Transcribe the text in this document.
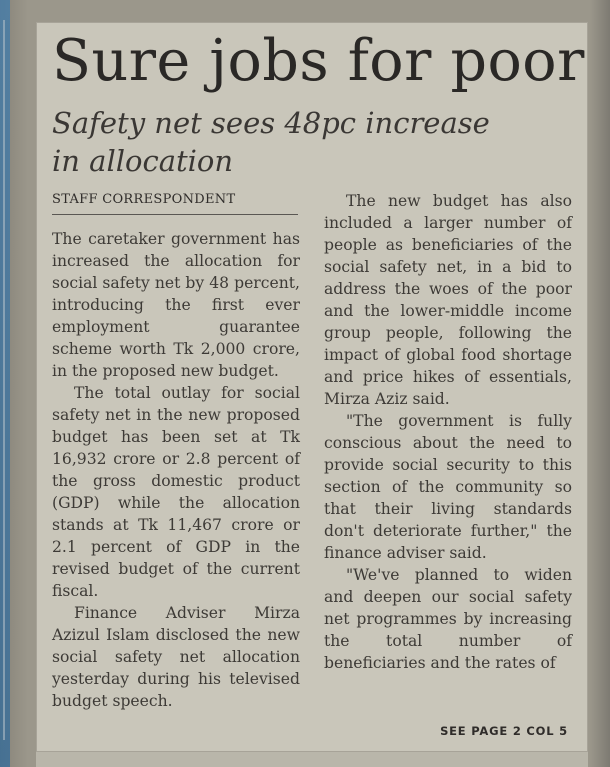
Sure jobs for poor
Safety net sees 48pc increase
in allocation
STAFF CORRESPONDENT

The caretaker government has increased the allocation for social safety net by 48 percent, introducing the first ever employment guarantee scheme worth Tk 2,000 crore, in the proposed new budget.

The total outlay for social safety net in the new proposed budget has been set at Tk 16,932 crore or 2.8 percent of the gross domestic product (GDP) while the allocation stands at Tk 11,467 crore or 2.1 percent of GDP in the revised budget of the current fiscal.

Finance Adviser Mirza Azizul Islam disclosed the new social safety net allocation yesterday during his televised budget speech.

The new budget has also included a larger number of people as beneficiaries of the social safety net, in a bid to address the woes of the poor and the lower-middle income group people, following the impact of global food shortage and price hikes of essentials, Mirza Aziz said.

"The government is fully conscious about the need to provide social security to this section of the community so that their living standards don't deteriorate further," the finance adviser said.

"We've planned to widen and deepen our social safety net programmes by increasing the total number of beneficiaries and the rates of

SEE PAGE 2 COL 5
